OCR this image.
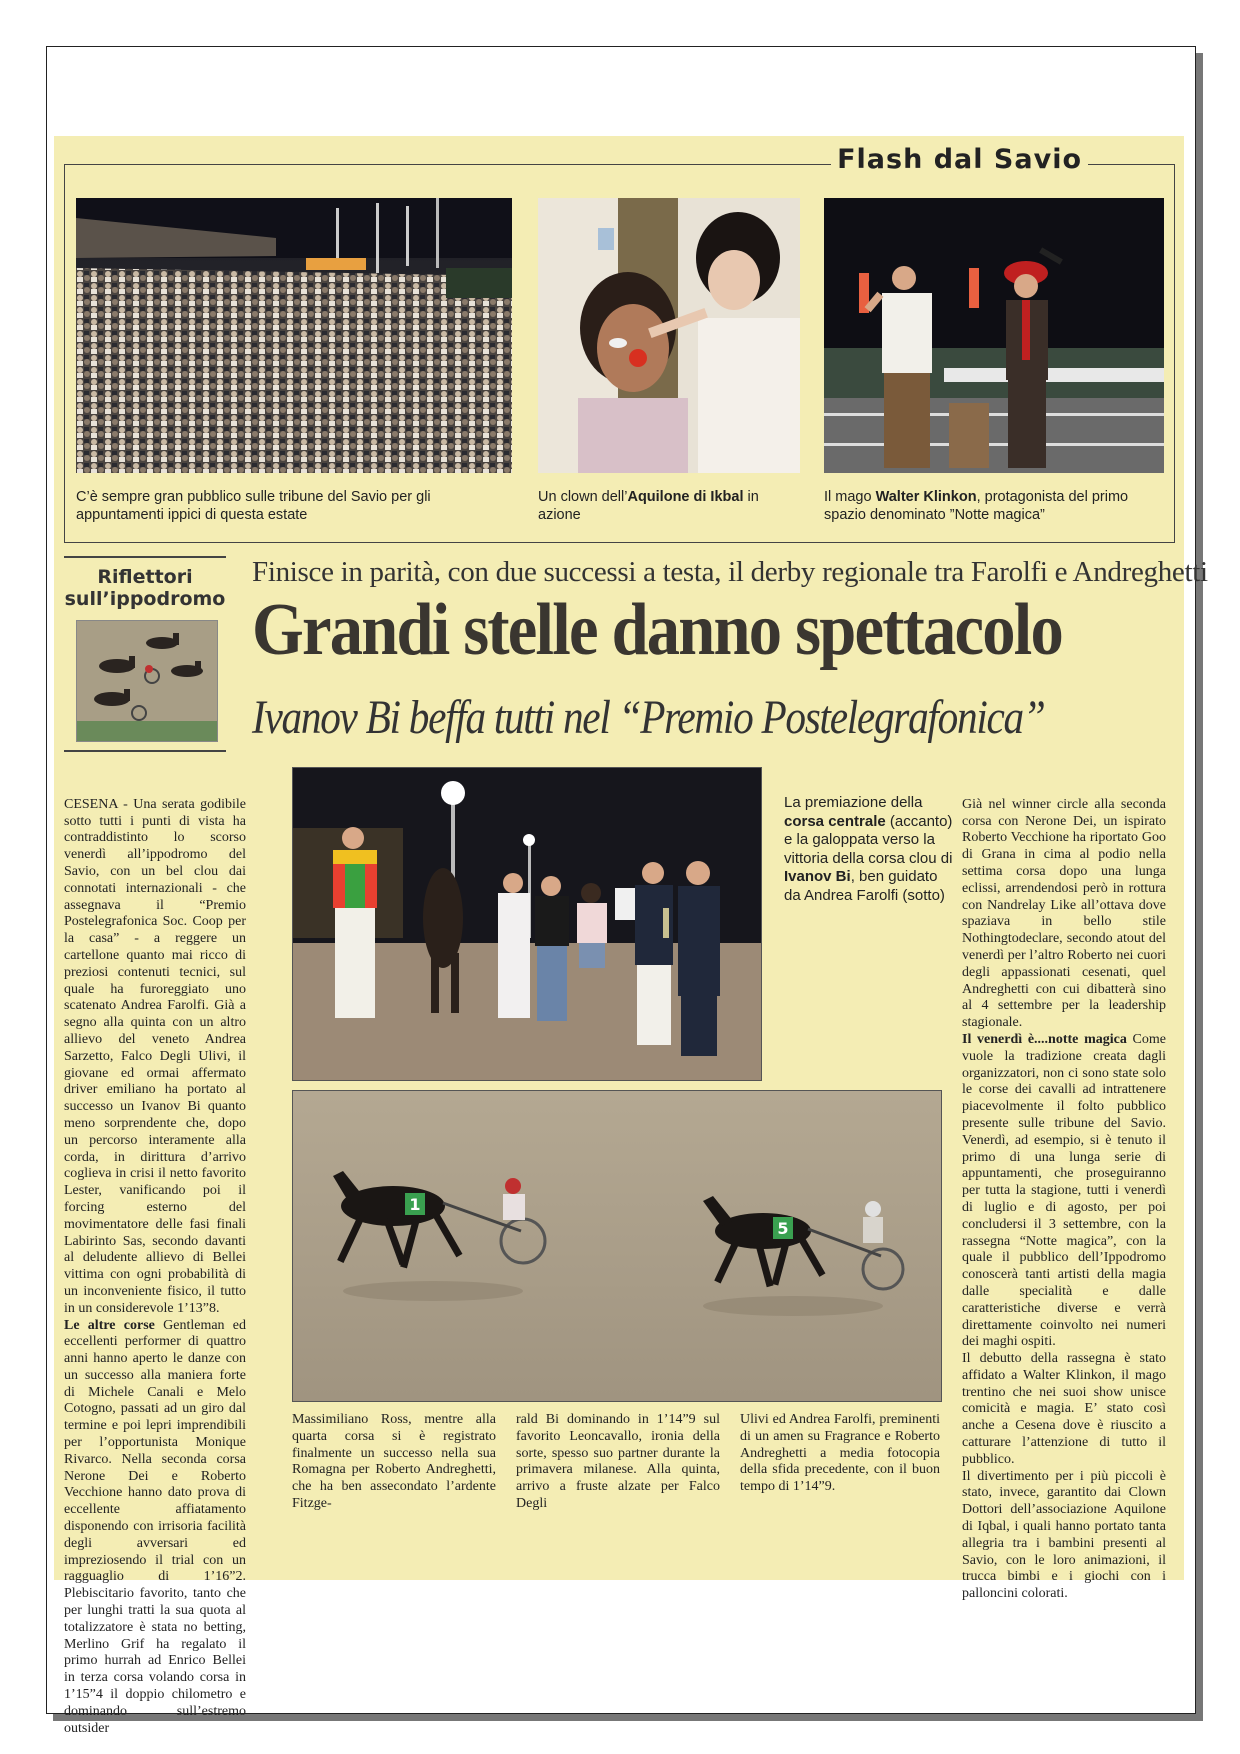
Flash dal Savio
C’è sempre gran pubblico sulle tribune del Savio per gli appuntamenti ippici di questa estate
Un clown dell’Aquilone di Ikbal in azione
Il mago Walter Klinkon, protagonista del primo spazio denominato ”Notte magica”
Riflettori
sull’ippodromo
Finisce in parità, con due successi a testa, il derby regionale tra Farolfi e Andreghetti
Grandi stelle danno spettacolo
Ivanov Bi beffa tutti nel “Premio Postelegrafonica”

CESENA - Una serata godibile sotto tutti i punti di vista ha contraddistinto lo scorso venerdì all’ippodromo del Savio, con un bel clou dai connotati internazionali - che assegnava il “Premio Postelegrafonica Soc. Coop per la casa” - a reggere un cartellone quanto mai ricco di preziosi contenuti tecnici, sul quale ha furoreggiato uno scatenato Andrea Farolfi. Già a segno alla quinta con un altro allievo del veneto Andrea Sarzetto, Falco Degli Ulivi, il giovane ed ormai affermato driver emiliano ha portato al successo un Ivanov Bi quanto meno sorprendente che, dopo un percorso interamente alla corda, in dirittura d’arrivo coglieva in crisi il netto favorito Lester, vanificando poi il forcing esterno del movimentatore delle fasi finali Labirinto Sas, secondo davanti al deludente allievo di Bellei vittima con ogni probabilità di un inconveniente fisico, il tutto in un considerevole 1’13”8.
Le altre corse Gentleman ed eccellenti performer di quattro anni hanno aperto le danze con un successo alla maniera forte di Michele Canali e Melo Cotogno, passati ad un giro dal termine e poi lepri imprendibili per l’opportunista Monique Rivarco. Nella seconda corsa Nerone Dei e Roberto Vecchione hanno dato prova di eccellente affiatamento disponendo con irrisoria facilità degli avversari ed impreziosendo il trial con un ragguaglio di 1’16”2. Plebiscitario favorito, tanto che per lunghi tratti la sua quota al totalizzatore è stata no betting, Merlino Grif ha regalato il primo hurrah ad Enrico Bellei in terza corsa volando corsa in 1’15”4 il doppio chilometro e dominando sull’estremo outsider

La premiazione della corsa centrale (accanto) e la galoppata verso la vittoria della corsa clou di Ivanov Bi, ben guidato da Andrea Farolfi (sotto)
1
5
Massimiliano Ross, mentre alla quarta corsa si è registrato finalmente un successo nella sua Romagna per Roberto Andreghetti, che ha ben assecondato l’ardente Fitzge-
rald Bi dominando in 1’14”9 sul favorito Leoncavallo, ironia della sorte, spesso suo partner durante la primavera milanese. Alla quinta, arrivo a fruste alzate per Falco Degli
Ulivi ed Andrea Farolfi, preminenti di un amen su Fragrance e Roberto Andreghetti a media fotocopia della sfida precedente, con il buon tempo di 1’14”9.

Già nel winner circle alla seconda corsa con Nerone Dei, un ispirato Roberto Vecchione ha riportato Goo di Grana in cima al podio nella settima corsa dopo una lunga eclissi, arrendendosi però in rottura con Nandrelay Like all’ottava dove spaziava in bello stile Nothingtodeclare, secondo atout del venerdì per l’altro Roberto nei cuori degli appassionati cesenati, quel Andreghetti con cui dibatterà sino al 4 settembre per la leadership stagionale.
Il venerdì è....notte magica Come vuole la tradizione creata dagli organizzatori, non ci sono state solo le corse dei cavalli ad intrattenere piacevolmente il folto pubblico presente sulle tribune del Savio. Venerdì, ad esempio, si è tenuto il primo di una lunga serie di appuntamenti, che proseguiranno per tutta la stagione, tutti i venerdì di luglio e di agosto, per poi concludersi il 3 settembre, con la rassegna “Notte magica”, con la quale il pubblico dell’Ippodromo conoscerà tanti artisti della magia dalle specialità e dalle caratteristiche diverse e verrà direttamente coinvolto nei numeri dei maghi ospiti.
Il debutto della rassegna è stato affidato a Walter Klinkon, il mago trentino che nei suoi show unisce comicità e magia. E’ stato così anche a Cesena dove è riuscito a catturare l’attenzione di tutto il pubblico.
Il divertimento per i più piccoli è stato, invece, garantito dai Clown Dottori dell’associazione Aquilone di Iqbal, i quali hanno portato tanta allegria tra i bambini presenti al Savio, con le loro animazioni, il trucca bimbi e i giochi con i palloncini colorati.
